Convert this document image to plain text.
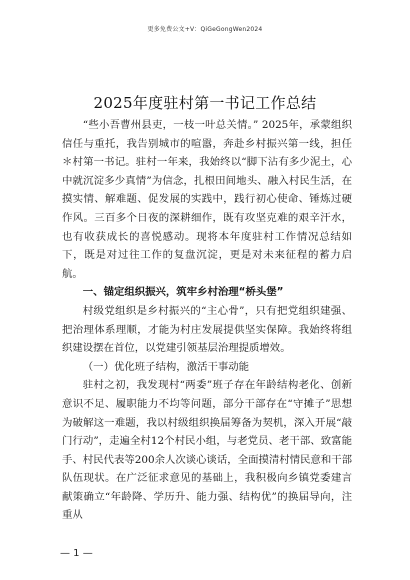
更多免费公文+V：QiGeGongWen2024
2025年度驻村第一书记工作总结

“些小吾曹州县吏，一枝一叶总关情。” 2025年，承蒙组织信任与重托，我告别城市的喧嚣，奔赴乡村振兴第一线，担任＊村第一书记。驻村一年来，我始终以“脚下沾有多少泥土，心中就沉淀多少真情”为信念，扎根田间地头、融入村民生活，在摸实情、解难题、促发展的实践中，践行初心使命、锤炼过硬作风。三百多个日夜的深耕细作，既有攻坚克难的艰辛汗水，也有收获成长的喜悦感动。现将本年度驻村工作情况总结如下，既是对过往工作的复盘沉淀，更是对未来征程的蓄力启航。

一、锚定组织振兴，筑牢乡村治理“桥头堡”

村级党组织是乡村振兴的“主心骨”，只有把党组织建强、把治理体系理顺，才能为村庄发展提供坚实保障。我始终将组织建设摆在首位，以党建引领基层治理提质增效。

（一）优化班子结构，激活干事动能

驻村之初，我发现村“两委”班子存在年龄结构老化、创新意识不足、履职能力不均等问题，部分干部存在“守摊子”思想为破解这一难题，我以村级组织换届筹备为契机，深入开展“敲门行动”，走遍全村12个村民小组，与老党员、老干部、致富能手、村民代表等200余人次谈心谈话，全面摸清村情民意和干部队伍现状。在广泛征求意见的基础上，我积极向乡镇党委建言献策确立“年龄降、学历升、能力强、结构优”的换届导向，注重从

— 1 —
